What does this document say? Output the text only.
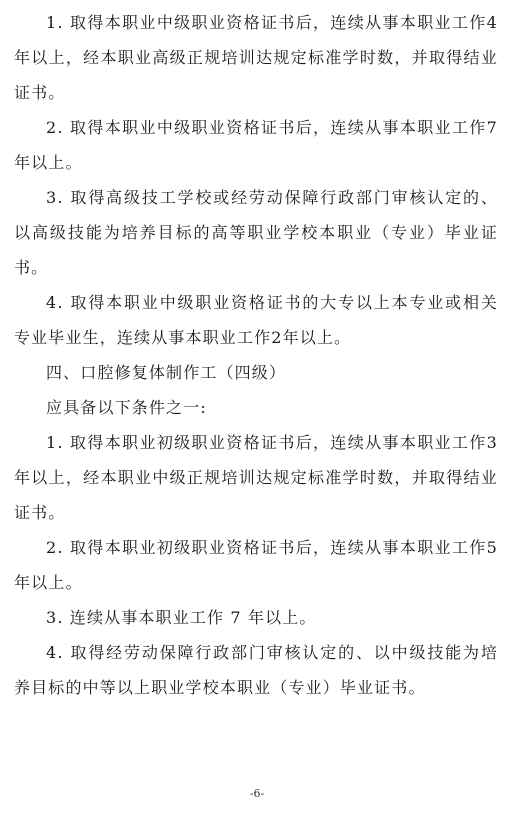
1. 取得本职业中级职业资格证书后，连续从事本职业工作4年以上，经本职业高级正规培训达规定标准学时数，并取得结业证书。

2. 取得本职业中级职业资格证书后，连续从事本职业工作7年以上。

3. 取得高级技工学校或经劳动保障行政部门审核认定的、以高级技能为培养目标的高等职业学校本职业（专业）毕业证书。

4. 取得本职业中级职业资格证书的大专以上本专业或相关专业毕业生，连续从事本职业工作2年以上。

四、口腔修复体制作工（四级）

应具备以下条件之一:

1. 取得本职业初级职业资格证书后，连续从事本职业工作3年以上，经本职业中级正规培训达规定标准学时数，并取得结业证书。

2. 取得本职业初级职业资格证书后，连续从事本职业工作5年以上。

3. 连续从事本职业工作 7 年以上。

4. 取得经劳动保障行政部门审核认定的、以中级技能为培养目标的中等以上职业学校本职业（专业）毕业证书。

-6-
